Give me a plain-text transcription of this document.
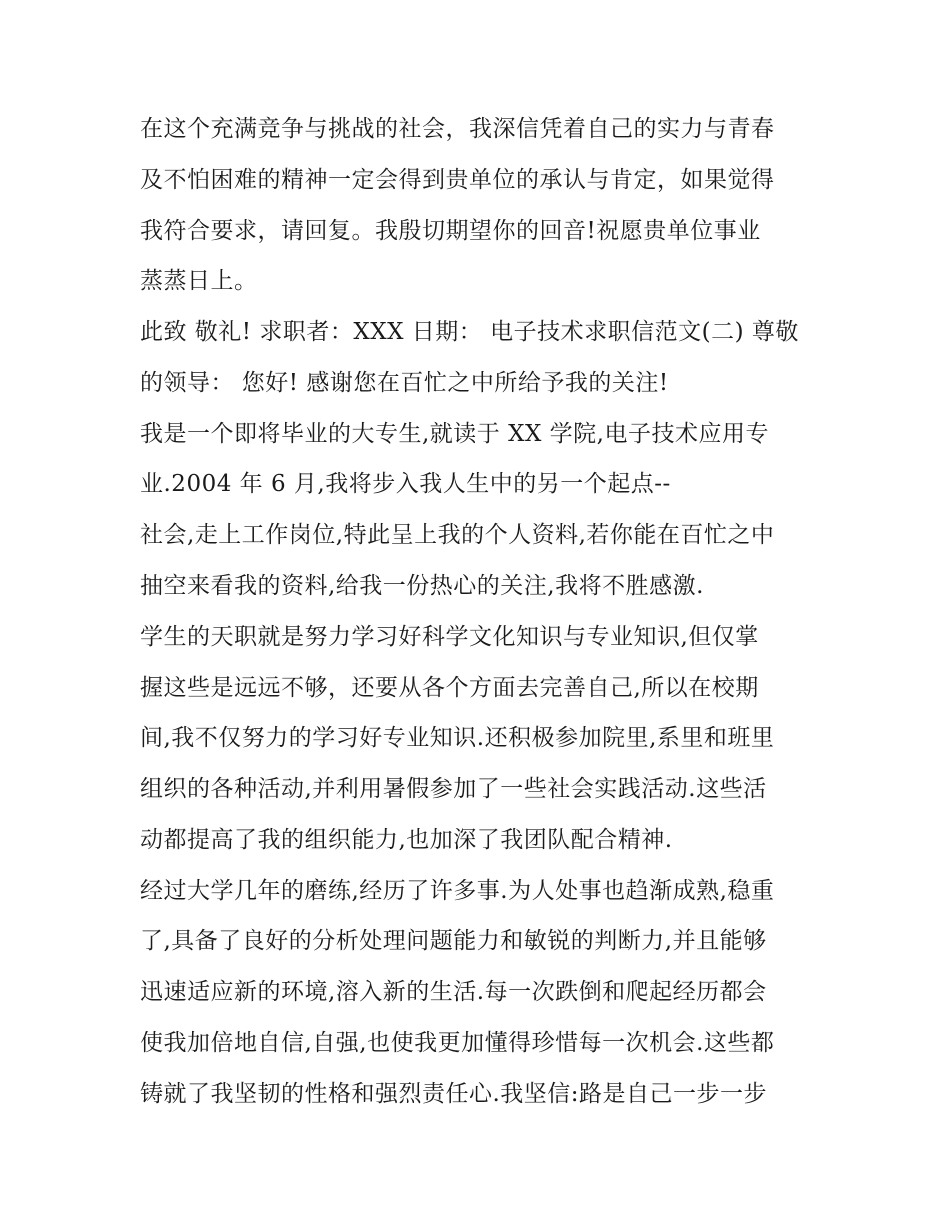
在这个充满竞争与挑战的社会，我深信凭着自己的实力与青春
及不怕困难的精神一定会得到贵单位的承认与肯定，如果觉得
我符合要求，请回复。我殷切期望你的回音!祝愿贵单位事业
蒸蒸日上。
此致 敬礼! 求职者：XXX 日期： 电子技术求职信范文(二) 尊敬
的领导： 您好! 感谢您在百忙之中所给予我的关注!
我是一个即将毕业的大专生,就读于 XX 学院,电子技术应用专
业.2004 年 6 月,我将步入我人生中的另一个起点--
社会,走上工作岗位,特此呈上我的个人资料,若你能在百忙之中
抽空来看我的资料,给我一份热心的关注,我将不胜感激.
学生的天职就是努力学习好科学文化知识与专业知识,但仅掌
握这些是远远不够，还要从各个方面去完善自己,所以在校期
间,我不仅努力的学习好专业知识.还积极参加院里,系里和班里
组织的各种活动,并利用暑假参加了一些社会实践活动.这些活
动都提高了我的组织能力,也加深了我团队配合精神.
经过大学几年的磨练,经历了许多事.为人处事也趋渐成熟,稳重
了,具备了良好的分析处理问题能力和敏锐的判断力,并且能够
迅速适应新的环境,溶入新的生活.每一次跌倒和爬起经历都会
使我加倍地自信,自强,也使我更加懂得珍惜每一次机会.这些都
铸就了我坚韧的性格和强烈责任心.我坚信:路是自己一步一步
